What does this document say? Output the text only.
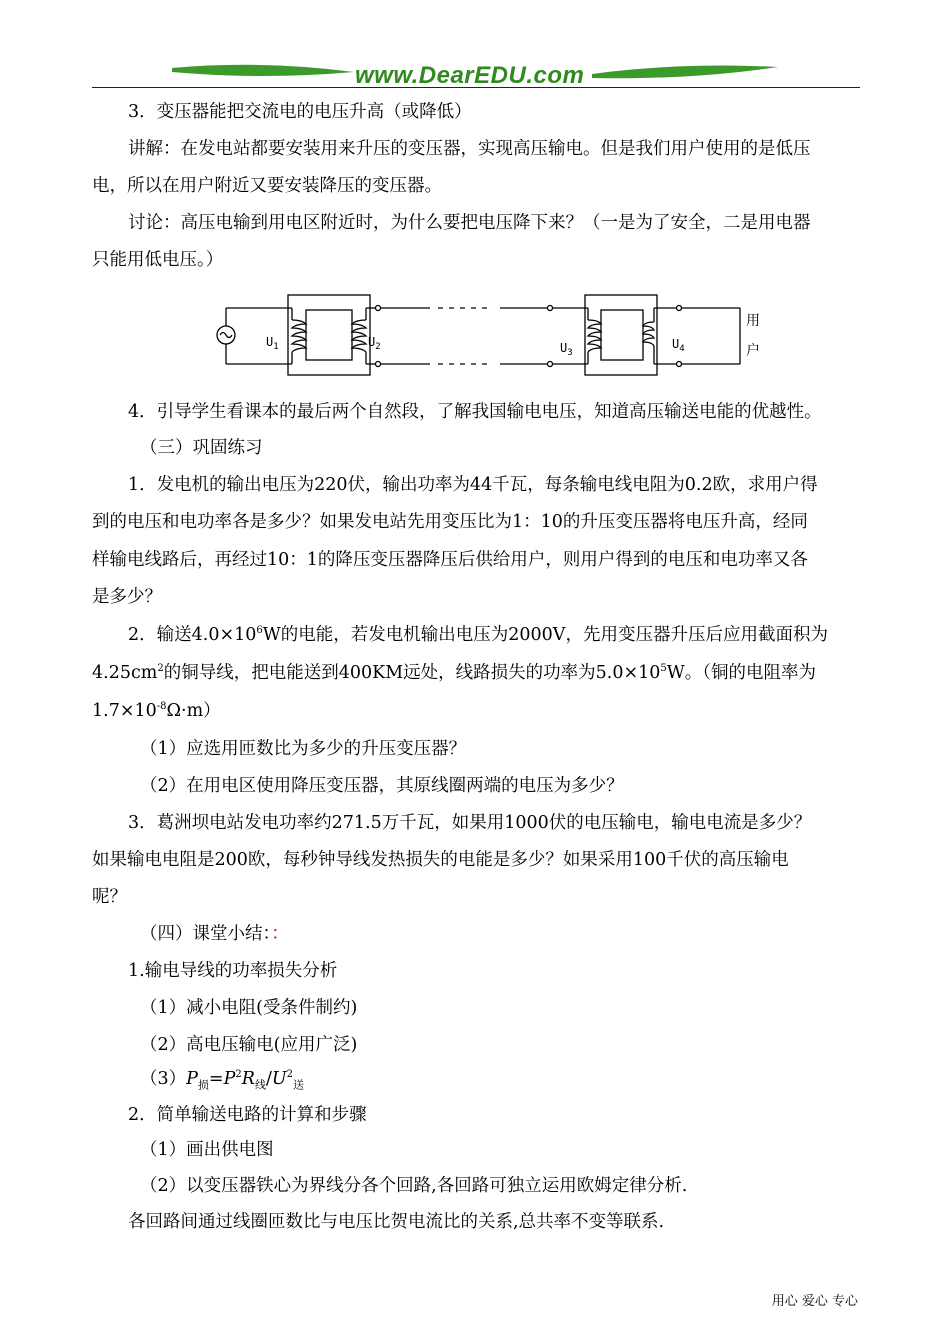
www.DearEDU.com
3．变压器能把交流电的电压升高（或降低）
讲解：在发电站都要安装用来升压的变压器，实现高压输电。但是我们用户使用的是低压
电，所以在用户附近又要安装降压的变压器。
讨论：高压电输到用电区附近时，为什么要把电压降下来？（一是为了安全，二是用电器
只能用低电压。）
$U_1$	$U_2$	$U_3$
$U_4$
用
户
4．引导学生看课本的最后两个自然段，了解我国输电电压，知道高压输送电能的优越性。
（三）巩固练习
1．发电机的输出电压为220伏，输出功率为44千瓦，每条输电线电阻为0.2欧，求用户得
到的电压和电功率各是多少？如果发电站先用变压比为1：10的升压变压器将电压升高，经同
样输电线路后，再经过10：1的降压变压器降压后供给用户，则用户得到的电压和电功率又各
是多少？
2．输送$4.0\times 10^6W$的电能，若发电机输出电压为2000V，先用变压器升压后应用截面积为
$4.25cm^2$的铜导线，把电能送到400KM远处，线路损失的功率为$5.0\times 10^5W$。（铜的电阻率为
$1.7\times 10^{-8}\Omega\cdot m$）
（1）应选用匝数比为多少的升压变压器？
（2）在用电区使用降压变压器，其原线圈两端的电压为多少？
3．葛洲坝电站发电功率约271.5万千瓦，如果用1000伏的电压输电，输电电流是多少？
如果输电电阻是200欧，每秒钟导线发热损失的电能是多少？如果采用100千伏的高压输电
呢？
（四）课堂小结：：
1.输电导线的功率损失分析
（1）减小电阻(受条件制约)
（2）高电压输电(应用广泛)
$(3)P_损=P^2R_线/U^2_送$
2．简单输送电路的计算和步骤
（1）画出供电图
（2）以变压器铁心为界线分各个回路,各回路可独立运用欧姆定律分析.
各回路间通过线圈匝数比与电压比贺电流比的关系,总共率不变等联系.
用心 爱心 专心
